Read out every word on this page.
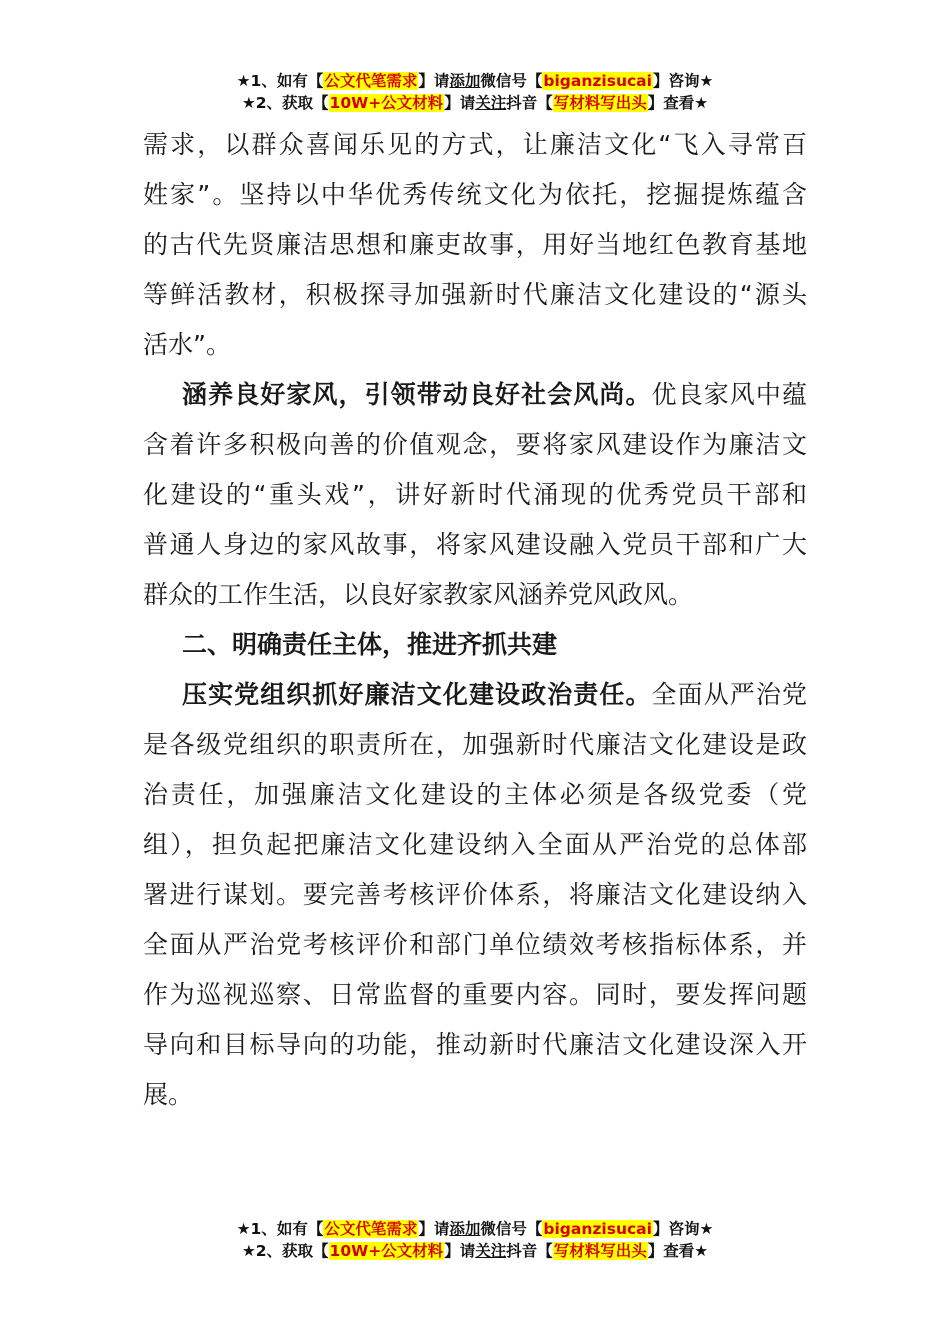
★1、如有【公文代笔需求】请添加微信号【biganzisucai】咨询★
★2、获取【10W+公文材料】请关注抖音【写材料写出头】查看★
需求，以群众喜闻乐见的方式，让廉洁文化“飞入寻常百
姓家”。坚持以中华优秀传统文化为依托，挖掘提炼蕴含
的古代先贤廉洁思想和廉吏故事，用好当地红色教育基地
等鲜活教材，积极探寻加强新时代廉洁文化建设的“源头
活水”。
涵养良好家风，引领带动良好社会风尚。优良家风中蕴
含着许多积极向善的价值观念，要将家风建设作为廉洁文
化建设的“重头戏”，讲好新时代涌现的优秀党员干部和
普通人身边的家风故事，将家风建设融入党员干部和广大
群众的工作生活，以良好家教家风涵养党风政风。
二、明确责任主体，推进齐抓共建
压实党组织抓好廉洁文化建设政治责任。全面从严治党
是各级党组织的职责所在，加强新时代廉洁文化建设是政
治责任，加强廉洁文化建设的主体必须是各级党委（党
组），担负起把廉洁文化建设纳入全面从严治党的总体部
署进行谋划。要完善考核评价体系，将廉洁文化建设纳入
全面从严治党考核评价和部门单位绩效考核指标体系，并
作为巡视巡察、日常监督的重要内容。同时，要发挥问题
导向和目标导向的功能，推动新时代廉洁文化建设深入开
展。
★1、如有【公文代笔需求】请添加微信号【biganzisucai】咨询★
★2、获取【10W+公文材料】请关注抖音【写材料写出头】查看★
